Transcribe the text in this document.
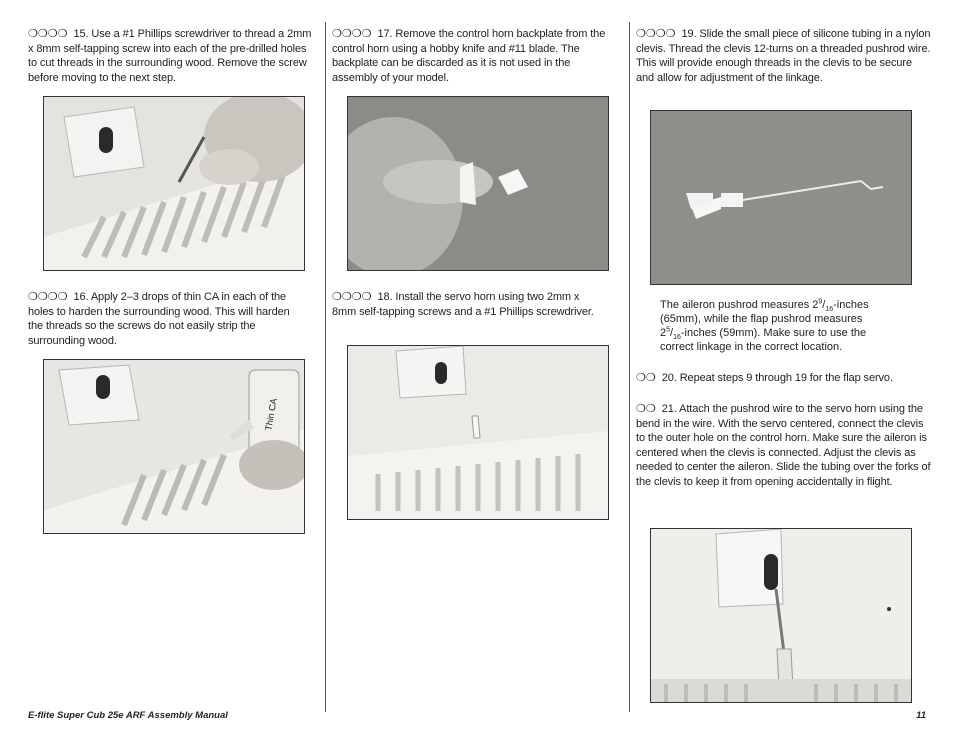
❍❍❍❍ 15. Use a #1 Phillips screwdriver to thread a 2mm x 8mm self-tapping screw into each of the pre-drilled holes to cut threads in the surrounding wood. Remove the screw before moving to the next step.
❍❍❍❍ 16. Apply 2–3 drops of thin CA in each of the holes to harden the surrounding wood. This will harden the threads so the screws do not easily strip the surrounding wood.
Thin CA
❍❍❍❍ 17. Remove the control horn backplate from the control horn using a hobby knife and #11 blade. The backplate can be discarded as it is not used in the assembly of your model.
❍❍❍❍ 18. Install the servo horn using two 2mm x 8mm self-tapping screws and a #1 Phillips screwdriver.
❍❍❍❍ 19. Slide the small piece of silicone tubing in a nylon clevis. Thread the clevis 12-turns on a threaded pushrod wire. This will provide enough threads in the clevis to be secure and allow for adjustment of the linkage.
The aileron pushrod measures $2^9/_{16}$-inches
(65mm), while the flap pushrod measures
$2^5/_{16}$-inches (59mm). Make sure to use the
correct linkage in the correct location.
❍❍ 20. Repeat steps 9 through 19 for the flap servo.
❍❍ 21. Attach the pushrod wire to the servo horn using the bend in the wire. With the servo centered, connect the clevis to the outer hole on the control horn. Make sure the aileron is centered when the clevis is connected. Adjust the clevis as needed to center the aileron. Slide the tubing over the forks of the clevis to keep it from opening accidentally in flight.
E-flite Super Cub 25e ARF Assembly Manual	11
